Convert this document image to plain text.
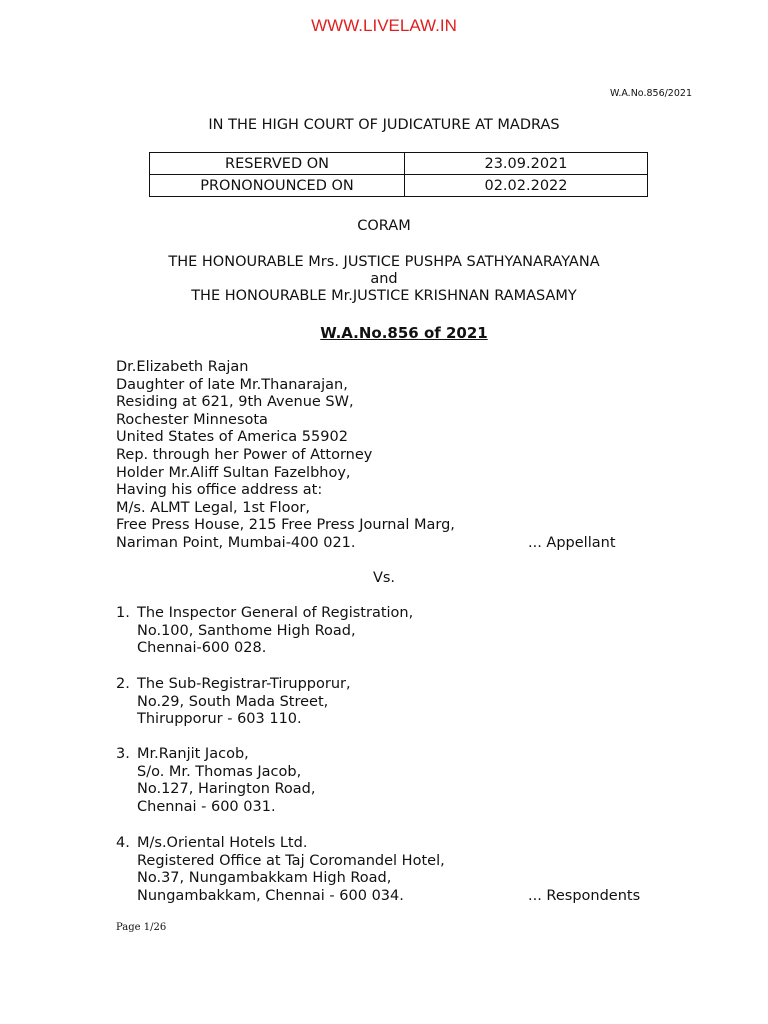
WWW.LIVELAW.IN
W.A.No.856/2021
IN THE HIGH COURT OF JUDICATURE AT MADRAS
RESERVED ON	23.09.2021
PRONONOUNCED ON	02.02.2022
CORAM
THE HONOURABLE Mrs. JUSTICE PUSHPA SATHYANARAYANA
and
THE HONOURABLE Mr.JUSTICE KRISHNAN RAMASAMY
W.A.No.856 of 2021
Dr.Elizabeth Rajan
Daughter of late Mr.Thanarajan,
Residing at 621, 9th Avenue SW,
Rochester Minnesota
United States of America 55902
Rep. through her Power of Attorney
Holder Mr.Aliff Sultan Fazelbhoy,
Having his office address at:
M/s. ALMT Legal, 1st Floor,
Free Press House, 215 Free Press Journal Marg,
Nariman Point, Mumbai-400 021.	... Appellant
Vs.
1. The Inspector General of Registration,
No.100, Santhome High Road,
Chennai-600 028.
2. The Sub-Registrar-Tirupporur,
No.29, South Mada Street,
Thirupporur - 603 110.
3. Mr.Ranjit Jacob,
S/o. Mr. Thomas Jacob,
No.127, Harington Road,
Chennai - 600 031.
4. M/s.Oriental Hotels Ltd.
Registered Office at Taj Coromandel Hotel,
No.37, Nungambakkam High Road,
Nungambakkam, Chennai - 600 034.	... Respondents
Page 1/26
